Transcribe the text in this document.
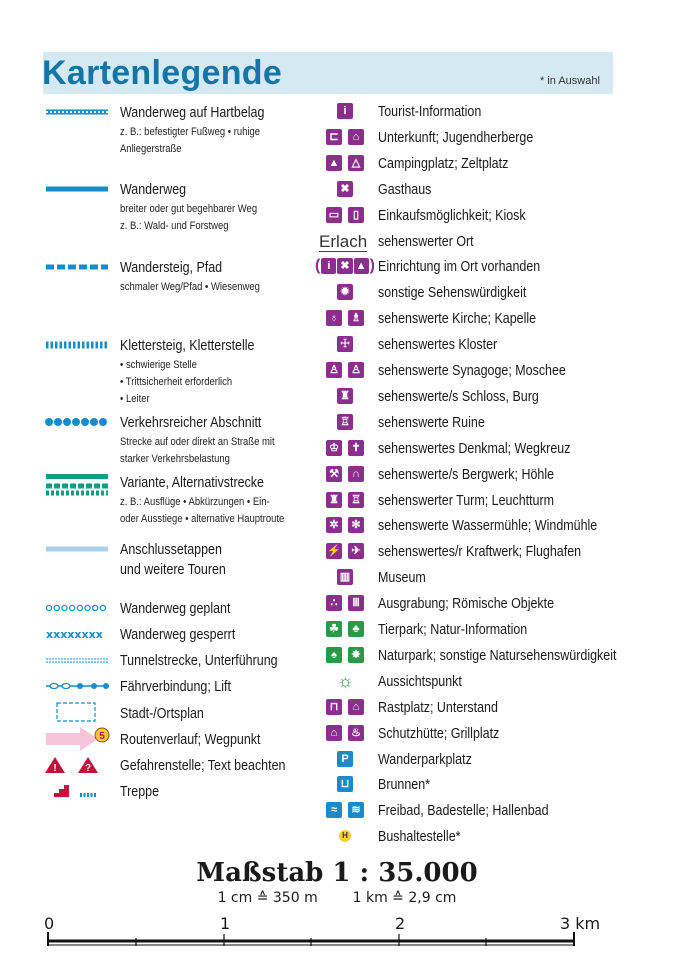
Kartenlegende	* in Auswahl
Wanderweg auf Hartbelag
z. B.: befestigter Fußweg • ruhige
Anliegerstraße
Wanderweg
breiter oder gut begehbarer Weg
z. B.: Wald- und Forstweg
Wandersteig, Pfad
schmaler Weg/Pfad • Wiesenweg
Klettersteig, Kletterstelle
• schwierige Stelle
• Trittsicherheit erforderlich
• Leiter
Verkehrsreicher Abschnitt
Strecke auf oder direkt an Straße mit
starker Verkehrsbelastung
Variante, Alternativstrecke
z. B.: Ausflüge • Abkürzungen • Ein-
oder Ausstiege • alternative Hauptroute
Anschlussetappen
und weitere Touren
Wanderweg geplant
xxxxxxxx Wanderweg gesperrt
Tunnelstrecke, Unterführung
Fährverbindung; Lift
Stadt-/Ortsplan
5 Routenverlauf; Wegpunkt
!	? Gefahrenstelle; Text beachten
Treppe
i	Tourist-Information
⊏	⌂	Unterkunft; Jugendherberge
▲	△ Campingplatz; Zeltplatz
✖ Gasthaus
▭	▯	Einkaufsmöglichkeit; Kiosk
Erlach sehenswerter Ort
( i ✖ ▲ ) Einrichtung im Ort vorhanden
✹ sonstige Sehenswürdigkeit
♁	♗ sehenswerte Kirche; Kapelle
☩ sehenswertes Kloster
♙ ♙ sehenswerte Synagoge; Moschee
♜ sehenswerte/s Schloss, Burg
♖ sehenswerte Ruine
♔	✝ sehenswertes Denkmal; Wegkreuz
⚒	∩ sehenswerte/s Bergwerk; Höhle
♜ ♖ sehenswerter Turm; Leuchtturm
✲	✻ sehenswerte Wassermühle; Windmühle
⚡ ✈ sehenswertes/r Kraftwerk; Flughafen
▥ Museum
∴	Ⅲ Ausgrabung; Römische Objekte
☘	♣	Tierpark; Natur-Information
♠	✸ Naturpark; sonstige Natursehenswürdigkeit
☼ Aussichtspunkt
⊓	⌂	Rastplatz; Unterstand
⌂	♨ Schutzhütte; Grillplatz
P Wanderparkplatz
⊔ Brunnen*
≈	≋ Freibad, Badestelle; Hallenbad
H Bushaltestelle*
Maßstab 1 : 35.000
1 cm ≙ 350 m 1 km ≙ 2,9 cm
0	1	2	3 km
